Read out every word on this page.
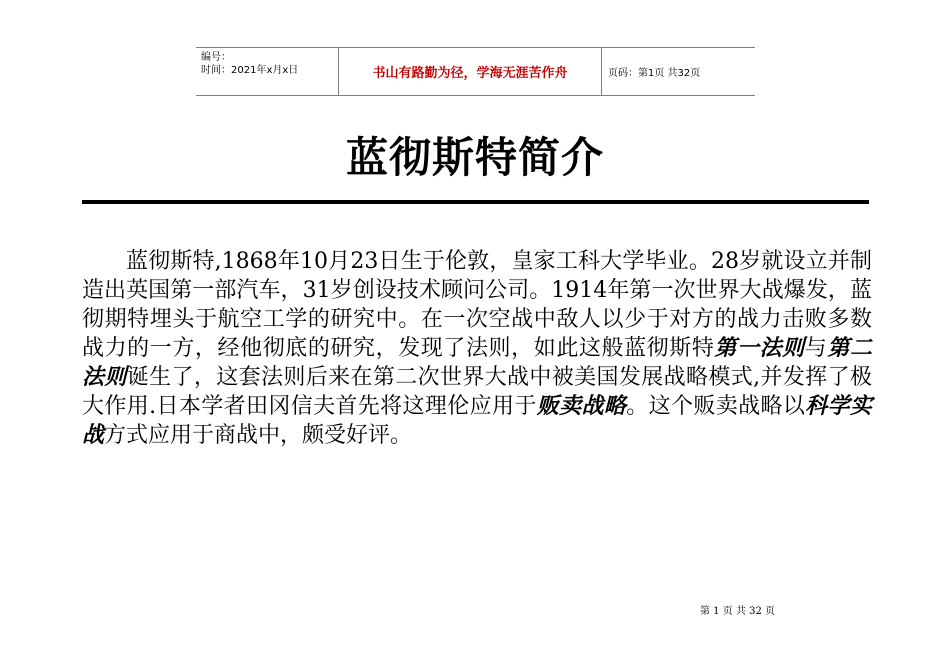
编号：
时间：2021年x月x日	书山有路勤为径，学海无涯苦作舟	页码：第1页 共32页
蓝彻斯特简介

蓝彻斯特,1868年10月23日生于伦敦，皇家工科大学毕业。28岁就设立并制造出英国第一部汽车，31岁创设技术顾问公司。1914年第一次世界大战爆发，蓝彻期特埋头于航空工学的研究中。在一次空战中敌人以少于对方的战力击败多数战力的一方，经他彻底的研究，发现了法则，如此这般蓝彻斯特第一法则与第二法则诞生了，这套法则后来在第二次世界大战中被美国发展战略模式,并发挥了极大作用.日本学者田冈信夫首先将这理伦应用于贩卖战略。这个贩卖战略以科学实战方式应用于商战中，颇受好评。

第 1 页 共 32 页
